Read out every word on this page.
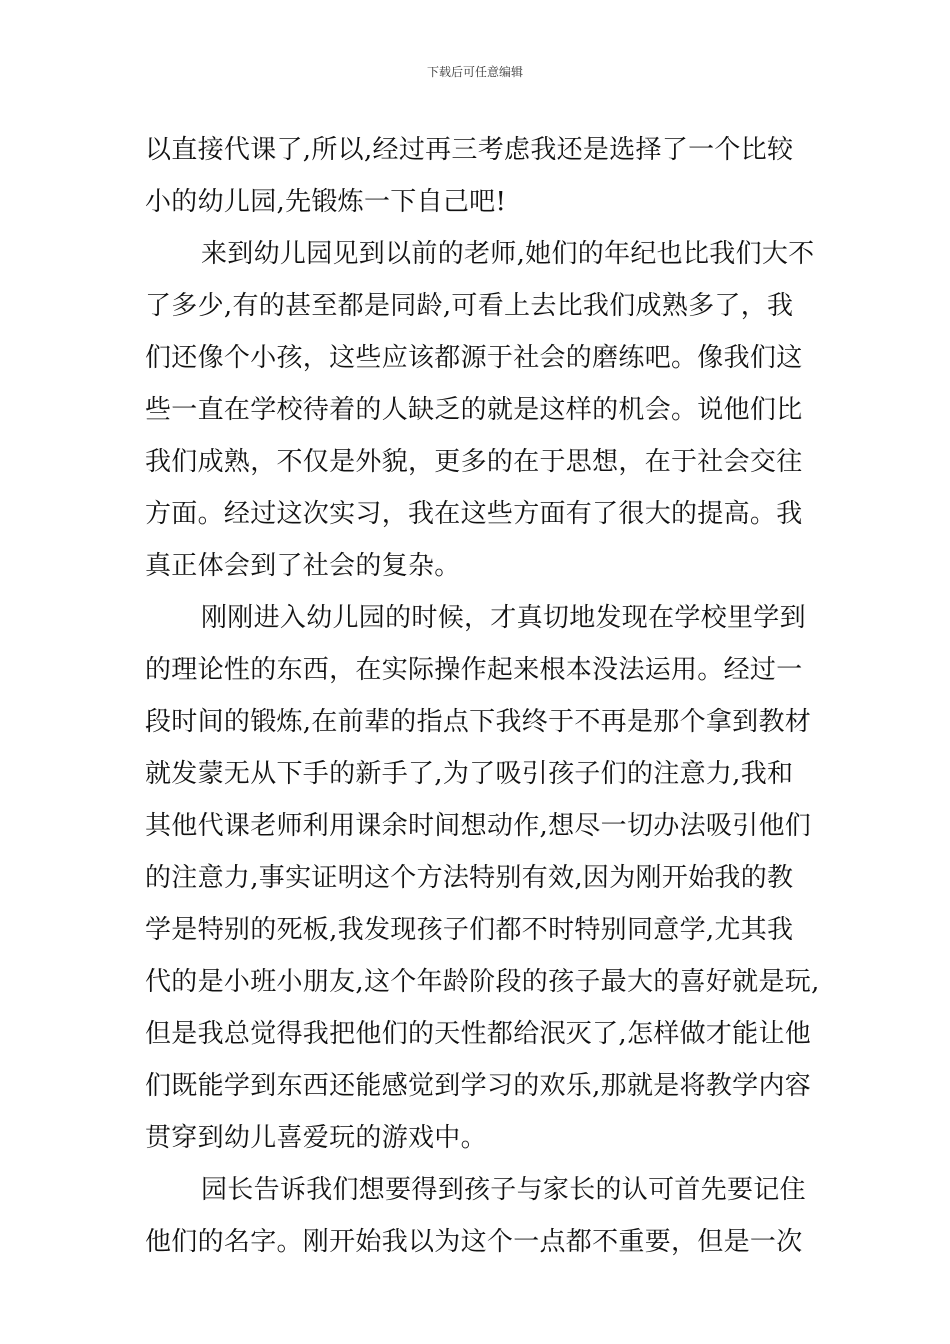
下载后可任意编辑
以直接代课了,所以,经过再三考虑我还是选择了一个比较
小的幼儿园,先锻炼一下自己吧!
来到幼儿园见到以前的老师,她们的年纪也比我们大不
了多少,有的甚至都是同龄,可看上去比我们成熟多了，我
们还像个小孩，这些应该都源于社会的磨练吧。像我们这
些一直在学校待着的人缺乏的就是这样的机会。说他们比
我们成熟，不仅是外貌，更多的在于思想，在于社会交往
方面。经过这次实习，我在这些方面有了很大的提高。我
真正体会到了社会的复杂。
刚刚进入幼儿园的时候，才真切地发现在学校里学到
的理论性的东西，在实际操作起来根本没法运用。经过一
段时间的锻炼,在前辈的指点下我终于不再是那个拿到教材
就发蒙无从下手的新手了,为了吸引孩子们的注意力,我和
其他代课老师利用课余时间想动作,想尽一切办法吸引他们
的注意力,事实证明这个方法特别有效,因为刚开始我的教
学是特别的死板,我发现孩子们都不时特别同意学,尤其我
代的是小班小朋友,这个年龄阶段的孩子最大的喜好就是玩,
但是我总觉得我把他们的天性都给泯灭了,怎样做才能让他
们既能学到东西还能感觉到学习的欢乐,那就是将教学内容
贯穿到幼儿喜爱玩的游戏中。
园长告诉我们想要得到孩子与家长的认可首先要记住
他们的名字。刚开始我以为这个一点都不重要，但是一次
